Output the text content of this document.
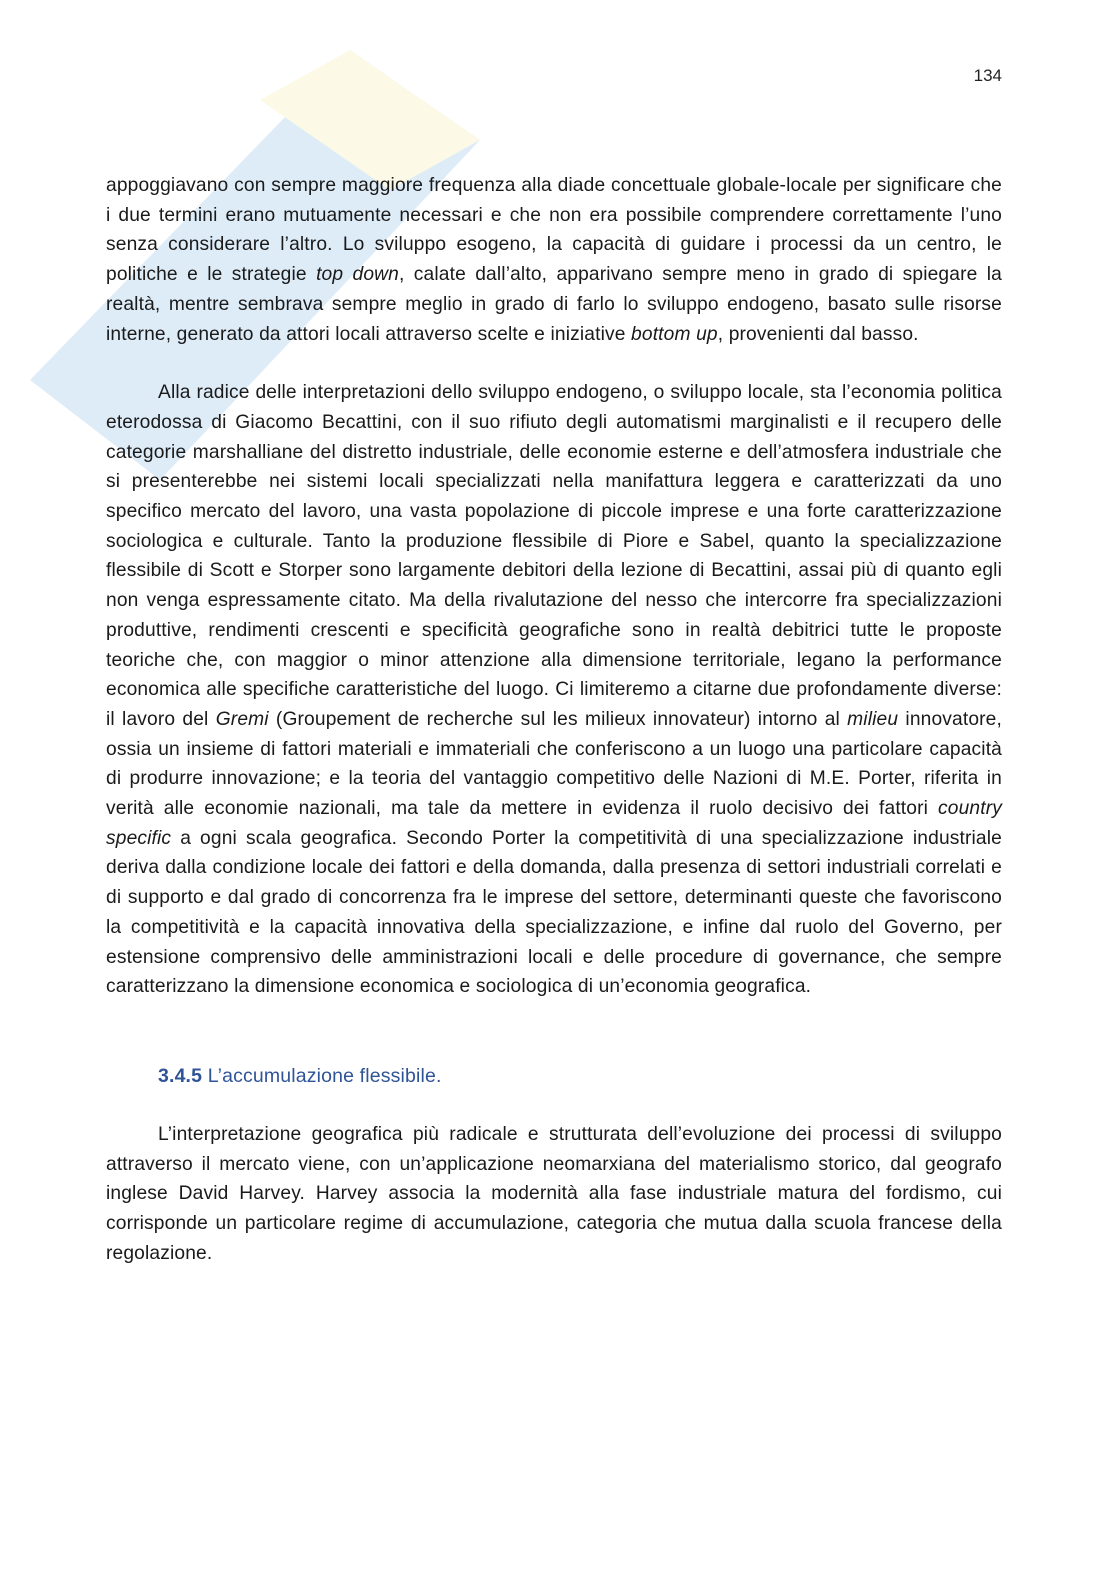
134

appoggiavano con sempre maggiore frequenza alla diade concettuale globale-locale per significare che i due termini erano mutuamente necessari e che non era possibile comprendere correttamente l’uno senza considerare l’altro. Lo sviluppo esogeno, la capacità di guidare i processi da un centro, le politiche e le strategie top down, calate dall’alto, apparivano sempre meno in grado di spiegare la realtà, mentre sembrava sempre meglio in grado di farlo lo sviluppo endogeno, basato sulle risorse interne, generato da attori locali attraverso scelte e iniziative bottom up, provenienti dal basso.

Alla radice delle interpretazioni dello sviluppo endogeno, o sviluppo locale, sta l’economia politica eterodossa di Giacomo Becattini, con il suo rifiuto degli automatismi marginalisti e il recupero delle categorie marshalliane del distretto industriale, delle economie esterne e dell’atmosfera industriale che si presenterebbe nei sistemi locali specializzati nella manifattura leggera e caratterizzati da uno specifico mercato del lavoro, una vasta popolazione di piccole imprese e una forte caratterizzazione sociologica e culturale. Tanto la produzione flessibile di Piore e Sabel, quanto la specializzazione flessibile di Scott e Storper sono largamente debitori della lezione di Becattini, assai più di quanto egli non venga espressamente citato. Ma della rivalutazione del nesso che intercorre fra specializzazioni produttive, rendimenti crescenti e specificità geografiche sono in realtà debitrici tutte le proposte teoriche che, con maggior o minor attenzione alla dimensione territoriale, legano la performance economica alle specifiche caratteristiche del luogo. Ci limiteremo a citarne due profondamente diverse: il lavoro del Gremi (Groupement de recherche sul les milieux innovateur) intorno al milieu innovatore, ossia un insieme di fattori materiali e immateriali che conferiscono a un luogo una particolare capacità di produrre innovazione; e la teoria del vantaggio competitivo delle Nazioni di M.E. Porter, riferita in verità alle economie nazionali, ma tale da mettere in evidenza il ruolo decisivo dei fattori country specific a ogni scala geografica. Secondo Porter la competitività di una specializzazione industriale deriva dalla condizione locale dei fattori e della domanda, dalla presenza di settori industriali correlati e di supporto e dal grado di concorrenza fra le imprese del settore, determinanti queste che favoriscono la competitività e la capacità innovativa della specializzazione, e infine dal ruolo del Governo, per estensione comprensivo delle amministrazioni locali e delle procedure di governance, che sempre caratterizzano la dimensione economica e sociologica di un’economia geografica.

3.4.5 L’accumulazione flessibile.

L’interpretazione geografica più radicale e strutturata dell’evoluzione dei processi di sviluppo attraverso il mercato viene, con un’applicazione neomarxiana del materialismo storico, dal geografo inglese David Harvey. Harvey associa la modernità alla fase industriale matura del fordismo, cui corrisponde un particolare regime di accumulazione, categoria che mutua dalla scuola francese della regolazione.
